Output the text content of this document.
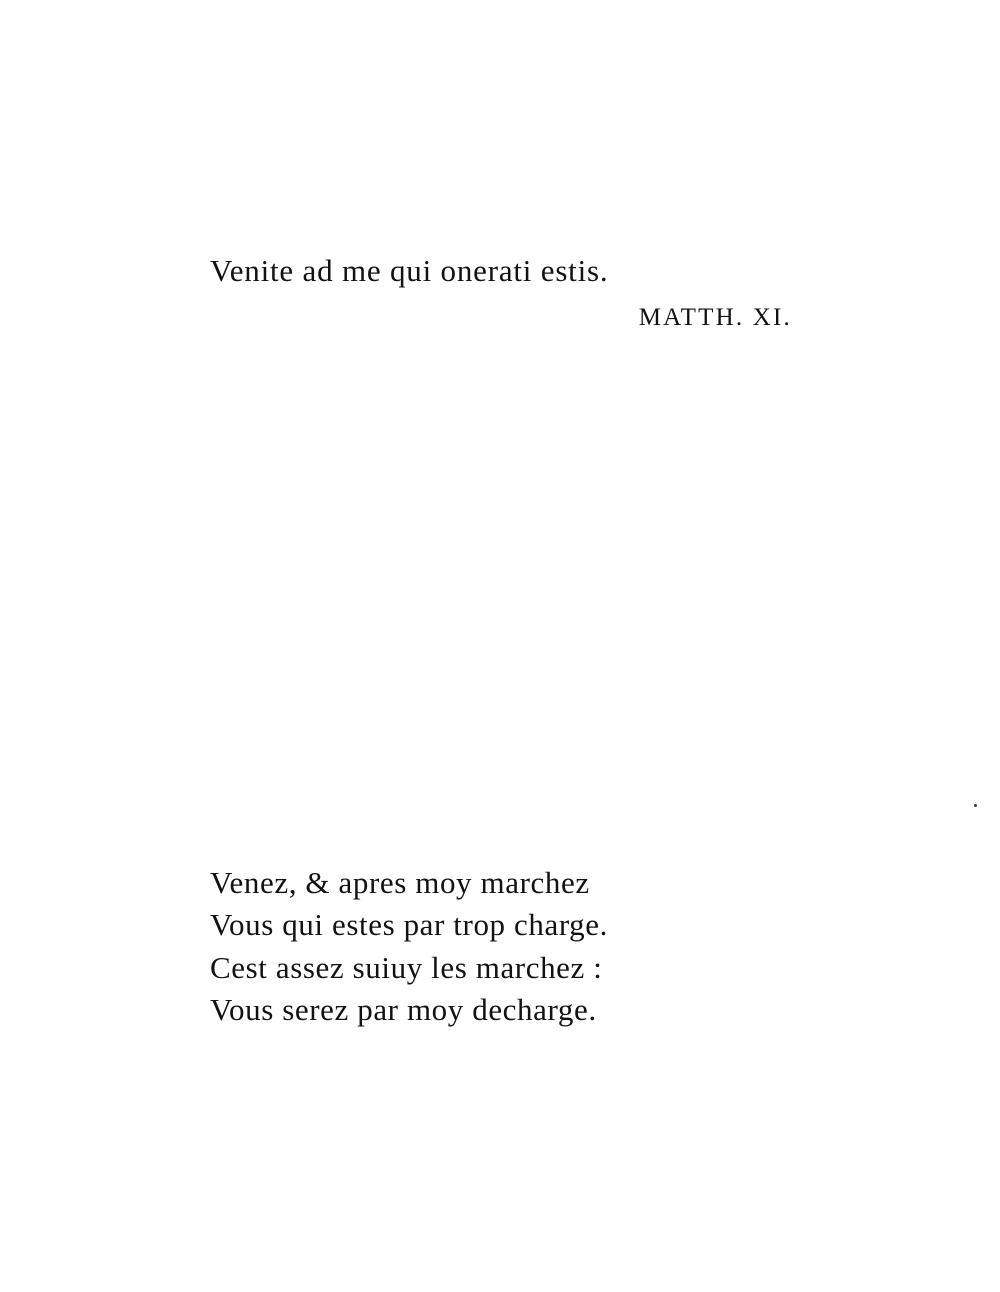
Venite ad me qui onerati estis.
MATTH. XI.
Venez, & apres moy marchez
Vous qui estes par trop charge.
Cest assez suiuy les marchez :
Vous serez par moy decharge.
